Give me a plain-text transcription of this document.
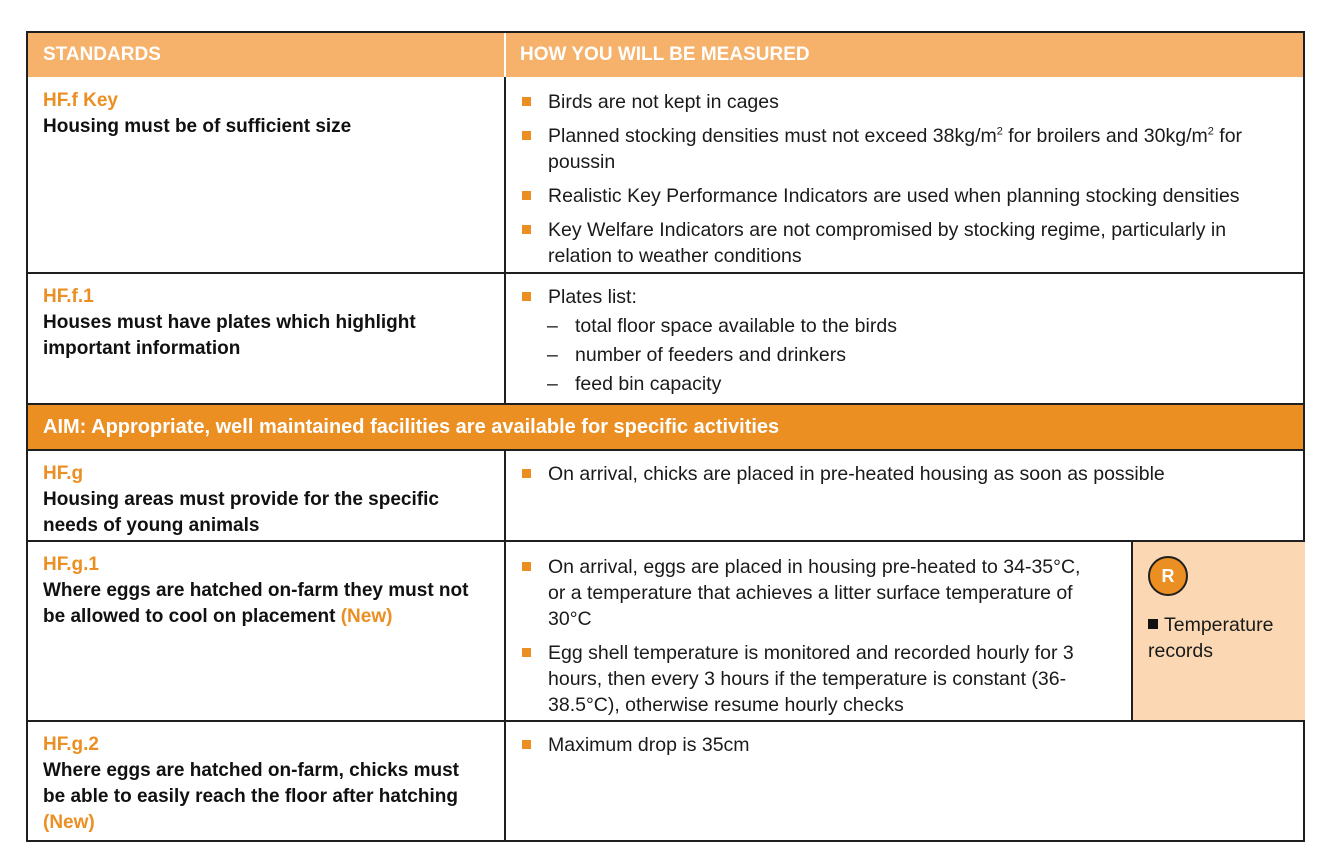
STANDARDS	HOW YOU WILL BE MEASURED
HF.f Key
Housing must be of sufficient size
Birds are not kept in cages
Planned stocking densities must not exceed $38kg/m^2$ for broilers and $30kg/m^2$ for poussin
Realistic Key Performance Indicators are used when planning stocking densities
Key Welfare Indicators are not compromised by stocking regime, particularly in relation to weather conditions
HF.f.1
Houses must have plates which highlight important information
Plates list:
– total floor space available to the birds
– number of feeders and drinkers
– feed bin capacity
AIM: Appropriate, well maintained facilities are available for specific activities
HF.g
Housing areas must provide for the specific needs of young animals
On arrival, chicks are placed in pre-heated housing as soon as possible
HF.g.1
Where eggs are hatched on-farm they must not be allowed to cool on placement (New)
On arrival, eggs are placed in housing pre-heated to 34-35°C, or a temperature that achieves a litter surface temperature of 30°C
Egg shell temperature is monitored and recorded hourly for 3 hours, then every 3 hours if the temperature is constant (36-38.5°C), otherwise resume hourly checks
R
Temperature records
HF.g.2
Where eggs are hatched on-farm, chicks must be able to easily reach the floor after hatching (New)
Maximum drop is 35cm
